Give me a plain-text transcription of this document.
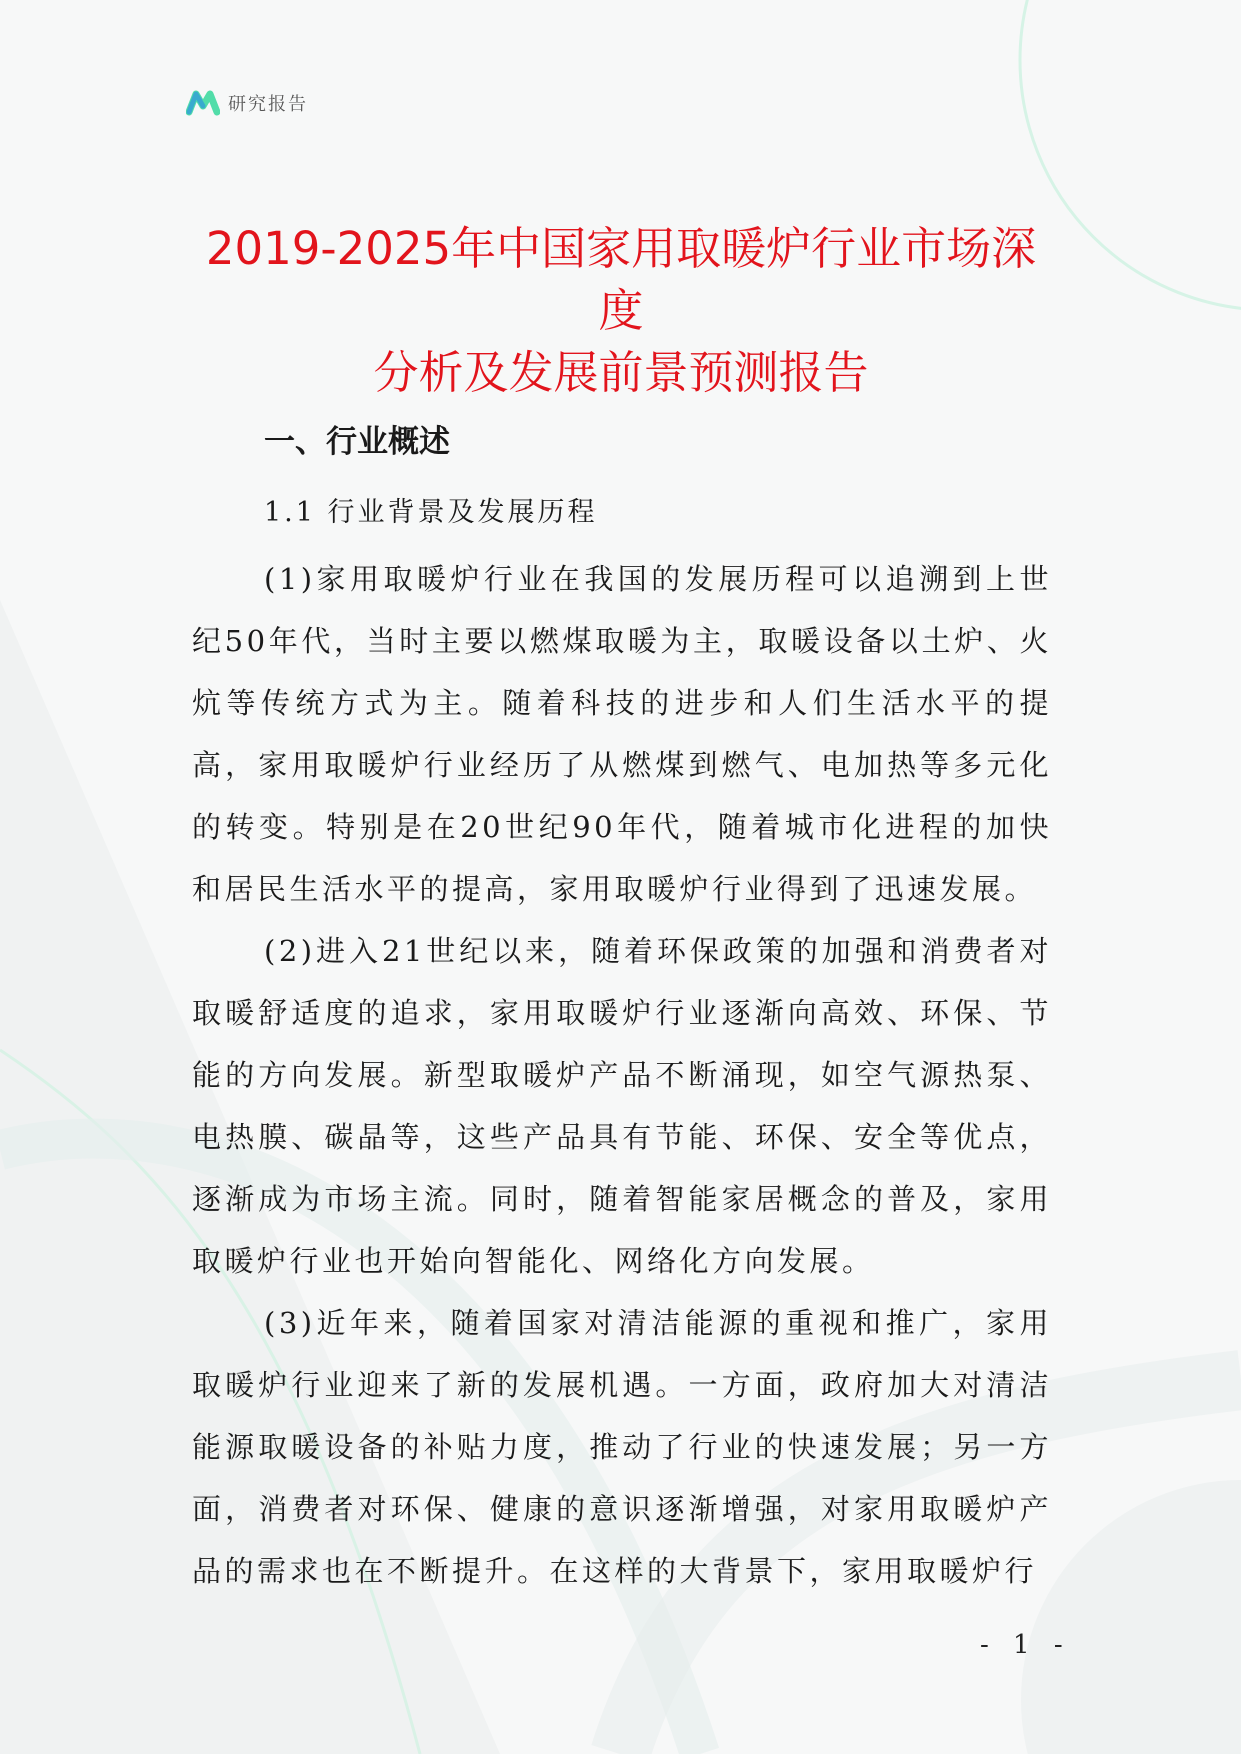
研究报告
2019-2025年中国家用取暖炉行业市场深度
分析及发展前景预测报告
一、行业概述
1.1 行业背景及发展历程

(1)家用取暖炉行业在我国的发展历程可以追溯到上世纪50年代，当时主要以燃煤取暖为主，取暖设备以土炉、火炕等传统方式为主。随着科技的进步和人们生活水平的提高，家用取暖炉行业经历了从燃煤到燃气、电加热等多元化的转变。特别是在20世纪90年代，随着城市化进程的加快和居民生活水平的提高，家用取暖炉行业得到了迅速发展。

(2)进入21世纪以来，随着环保政策的加强和消费者对取暖舒适度的追求，家用取暖炉行业逐渐向高效、环保、节能的方向发展。新型取暖炉产品不断涌现，如空气源热泵、电热膜、碳晶等，这些产品具有节能、环保、安全等优点，逐渐成为市场主流。同时，随着智能家居概念的普及，家用取暖炉行业也开始向智能化、网络化方向发展。

(3)近年来，随着国家对清洁能源的重视和推广，家用取暖炉行业迎来了新的发展机遇。一方面，政府加大对清洁能源取暖设备的补贴力度，推动了行业的快速发展；另一方面，消费者对环保、健康的意识逐渐增强，对家用取暖炉产品的需求也在不断提升。在这样的大背景下，家用取暖炉行

- 1 -
